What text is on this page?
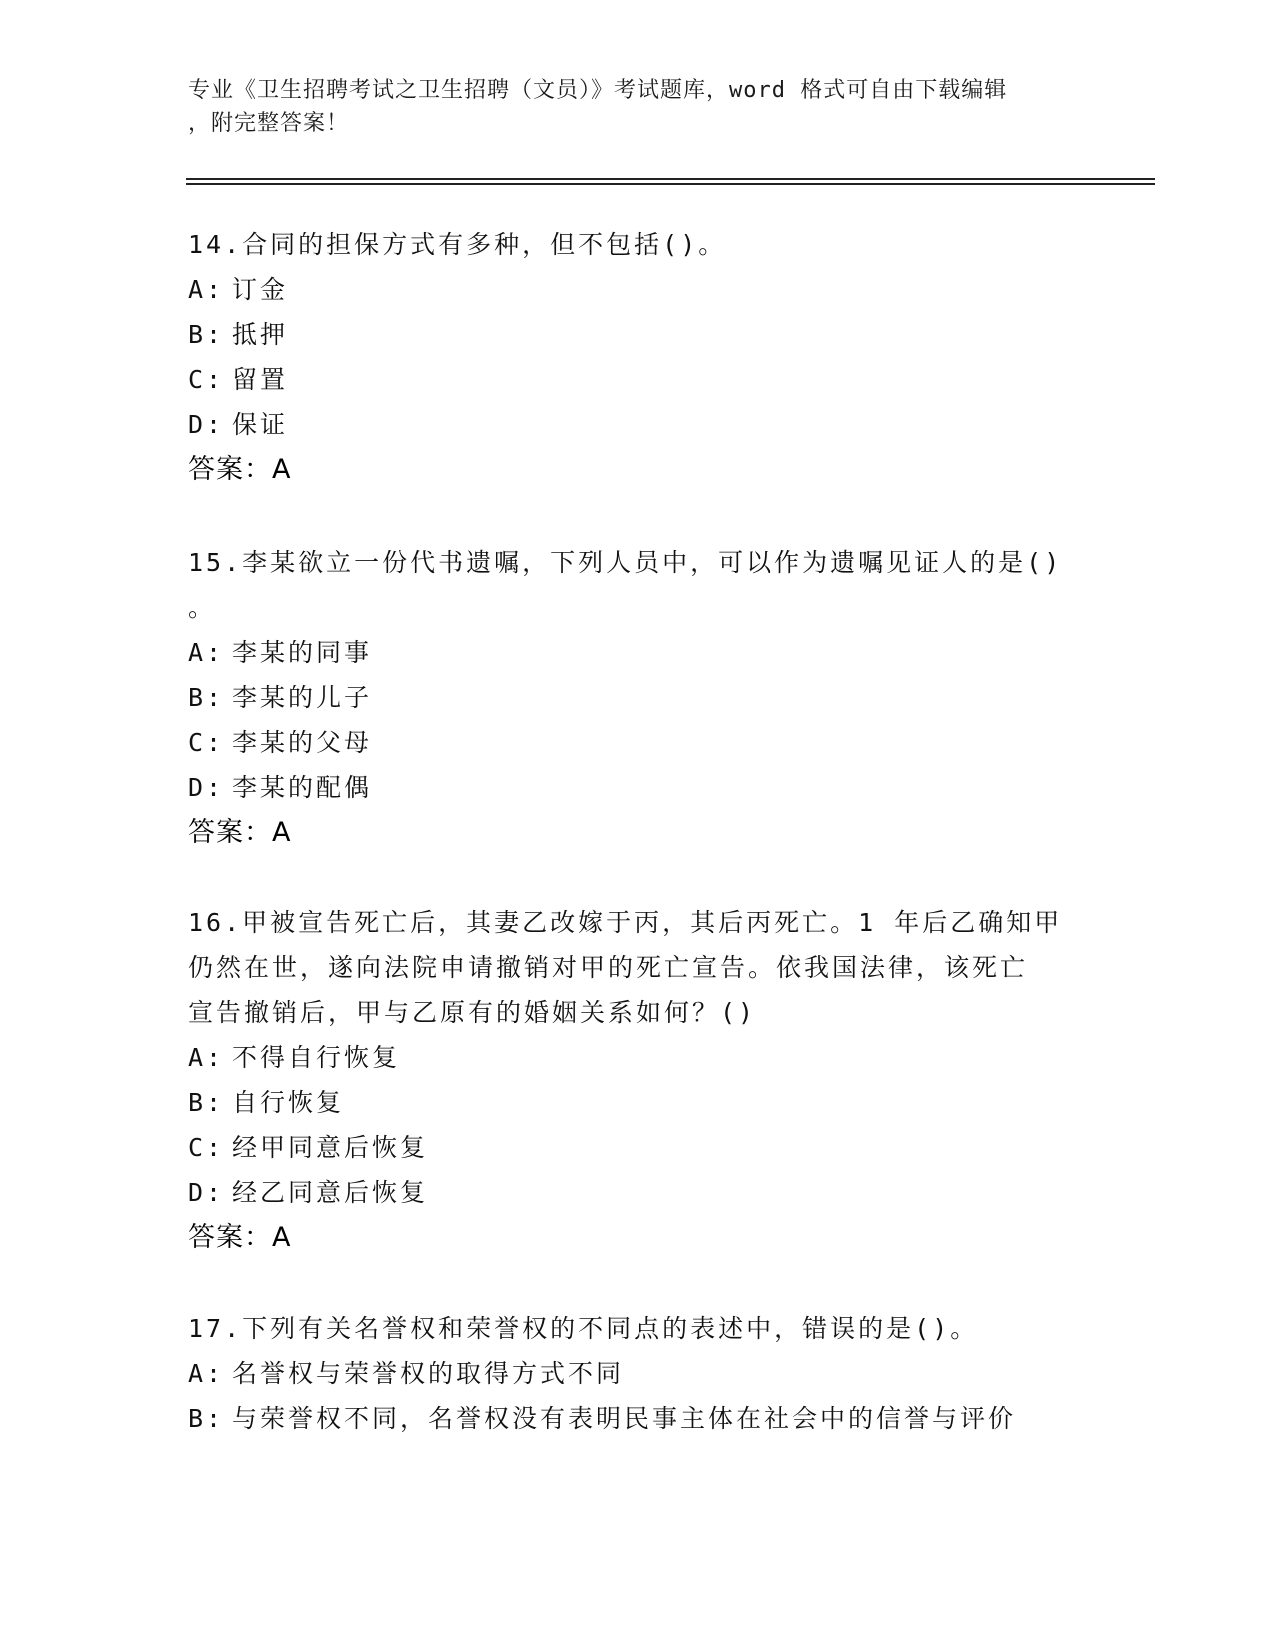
专业《卫生招聘考试之卫生招聘（文员）》考试题库，word 格式可自由下载编辑
，附完整答案！
14.合同的担保方式有多种，但不包括()。
A: 订金
B: 抵押
C: 留置
D: 保证
答案：A
15.李某欲立一份代书遗嘱，下列人员中，可以作为遗嘱见证人的是()
。
A: 李某的同事
B: 李某的儿子
C: 李某的父母
D: 李某的配偶
答案：A
16.甲被宣告死亡后，其妻乙改嫁于丙，其后丙死亡。1 年后乙确知甲
仍然在世，遂向法院申请撤销对甲的死亡宣告。依我国法律，该死亡
宣告撤销后，甲与乙原有的婚姻关系如何？()
A: 不得自行恢复
B: 自行恢复
C: 经甲同意后恢复
D: 经乙同意后恢复
答案：A
17.下列有关名誉权和荣誉权的不同点的表述中，错误的是()。
A: 名誉权与荣誉权的取得方式不同
B: 与荣誉权不同，名誉权没有表明民事主体在社会中的信誉与评价
